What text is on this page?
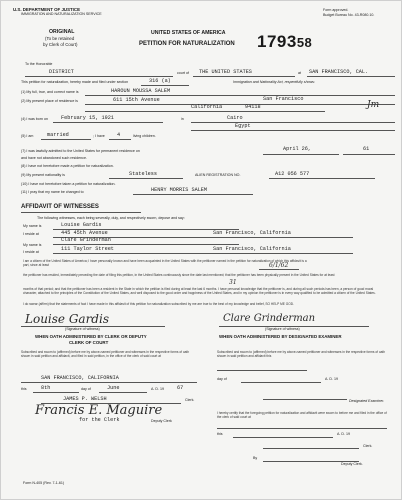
U.S. DEPARTMENT OF JUSTICE
IMMIGRATION AND NATURALIZATION SERVICE
ORIGINAL
(To be retained
by Clerk of Court)
Form approved.
Budget Bureau No. 43-R080.10.
UNITED STATES OF AMERICA
PETITION FOR NATURALIZATION 179358
To the Honorable
DISTRICT	court of THE UNITED STATES	at SAN FRANCISCO, CAL.
This petition for naturalization, hereby made and filed under section	316 (a)	Immigration and Nationality Act, respectfully shows:
(1) My full, true, and correct name is	HAROUN MOUSSA SALEM
(2) My present place of residence is	611 15th Avenue	San Francisco
California	94118	Jm
(4) I was born on	February 15, 1921	in	Cairo
Egypt
(5) I am	married	; I have 4	living children.
(7) I was lawfully admitted to the United States for permanent residence on	April 26,	61
and have not abandoned such residence.
(8) I have not heretofore made a petition for naturalization.
(9) My present nationality is	Stateless	ALIEN REGISTRATION NO.	A12 056 577
(10) I have not heretofore taken a petition for naturalization.
(11) I pray that my name be changed to	HENRY MORRIS SALEM
AFFIDAVIT OF WITNESSES
The following witnesses, each being severally, duly, and respectively sworn, depose and say:
My name is	Louise Gardis
I reside at	445 45th Avenue	San Francisco, California
My name is
Clare Grinderman
I reside at	111 Taylor Street	San Francisco, California
I am a citizen of the United States of America; I have personally known and have been acquainted in the United States with the petitioner named in the petition for naturalization of which this affidavit is a part, since at least	6/1/62
the petitioner has resided, immediately preceding the date of filing this petition, in the United States continuously since the date last mentioned; that the petitioner has been physically present in the United States for at least
31
months of that period; and that the petitioner has been a resident in the State in which the petition is filed during at least the last 6 months. I have personal knowledge that the petitioner is, and during all such periods has been, a person of good moral character, attached to the principles of the Constitution of the United States, and well disposed to the good order and happiness of the United States, and in my opinion the petitioner is in every way qualified to be admitted a citizen of the United States.
I do swear (affirm) that the statements of fact I have made in this affidavit of this petition for naturalization subscribed by me are true to the best of my knowledge and belief, SO HELP ME GOD.
Louise Gardis
(Signature of witness)
Clare Grinderman
(Signature of witness)
WHEN OATH ADMINISTERED BY CLERK OR DEPUTY
CLERK OF COURT
Subscribed and sworn to (affirmed) before me by above-named petitioner and witnesses in the respective forms of oath shown in said petition and affidavit, and filed in said petition, in the office of the clerk of said court at
SAN FRANCISCO, CALIFORNIA
this	8th	day of	June	A. D. 19	67
JAMES P. WELSH	Clerk.
Francis E. Maguire
for the Clerk	Deputy Clerk
WHEN OATH ADMINISTERED BY DESIGNATED EXAMINER
Subscribed and sworn to (affirmed) before me by above-named petitioner and witnesses in the respective forms of oath shown in said petition and affidavit this
day of	A. D. 19
Designated Examiner.
I hereby certify that the foregoing petition for naturalization and affidavit were sworn to before me and filed in the office of the clerk of said court at
this	A. D. 19
Clerk.
By
Deputy Clerk.
Form N-405 (Rev. 7-1-61)
